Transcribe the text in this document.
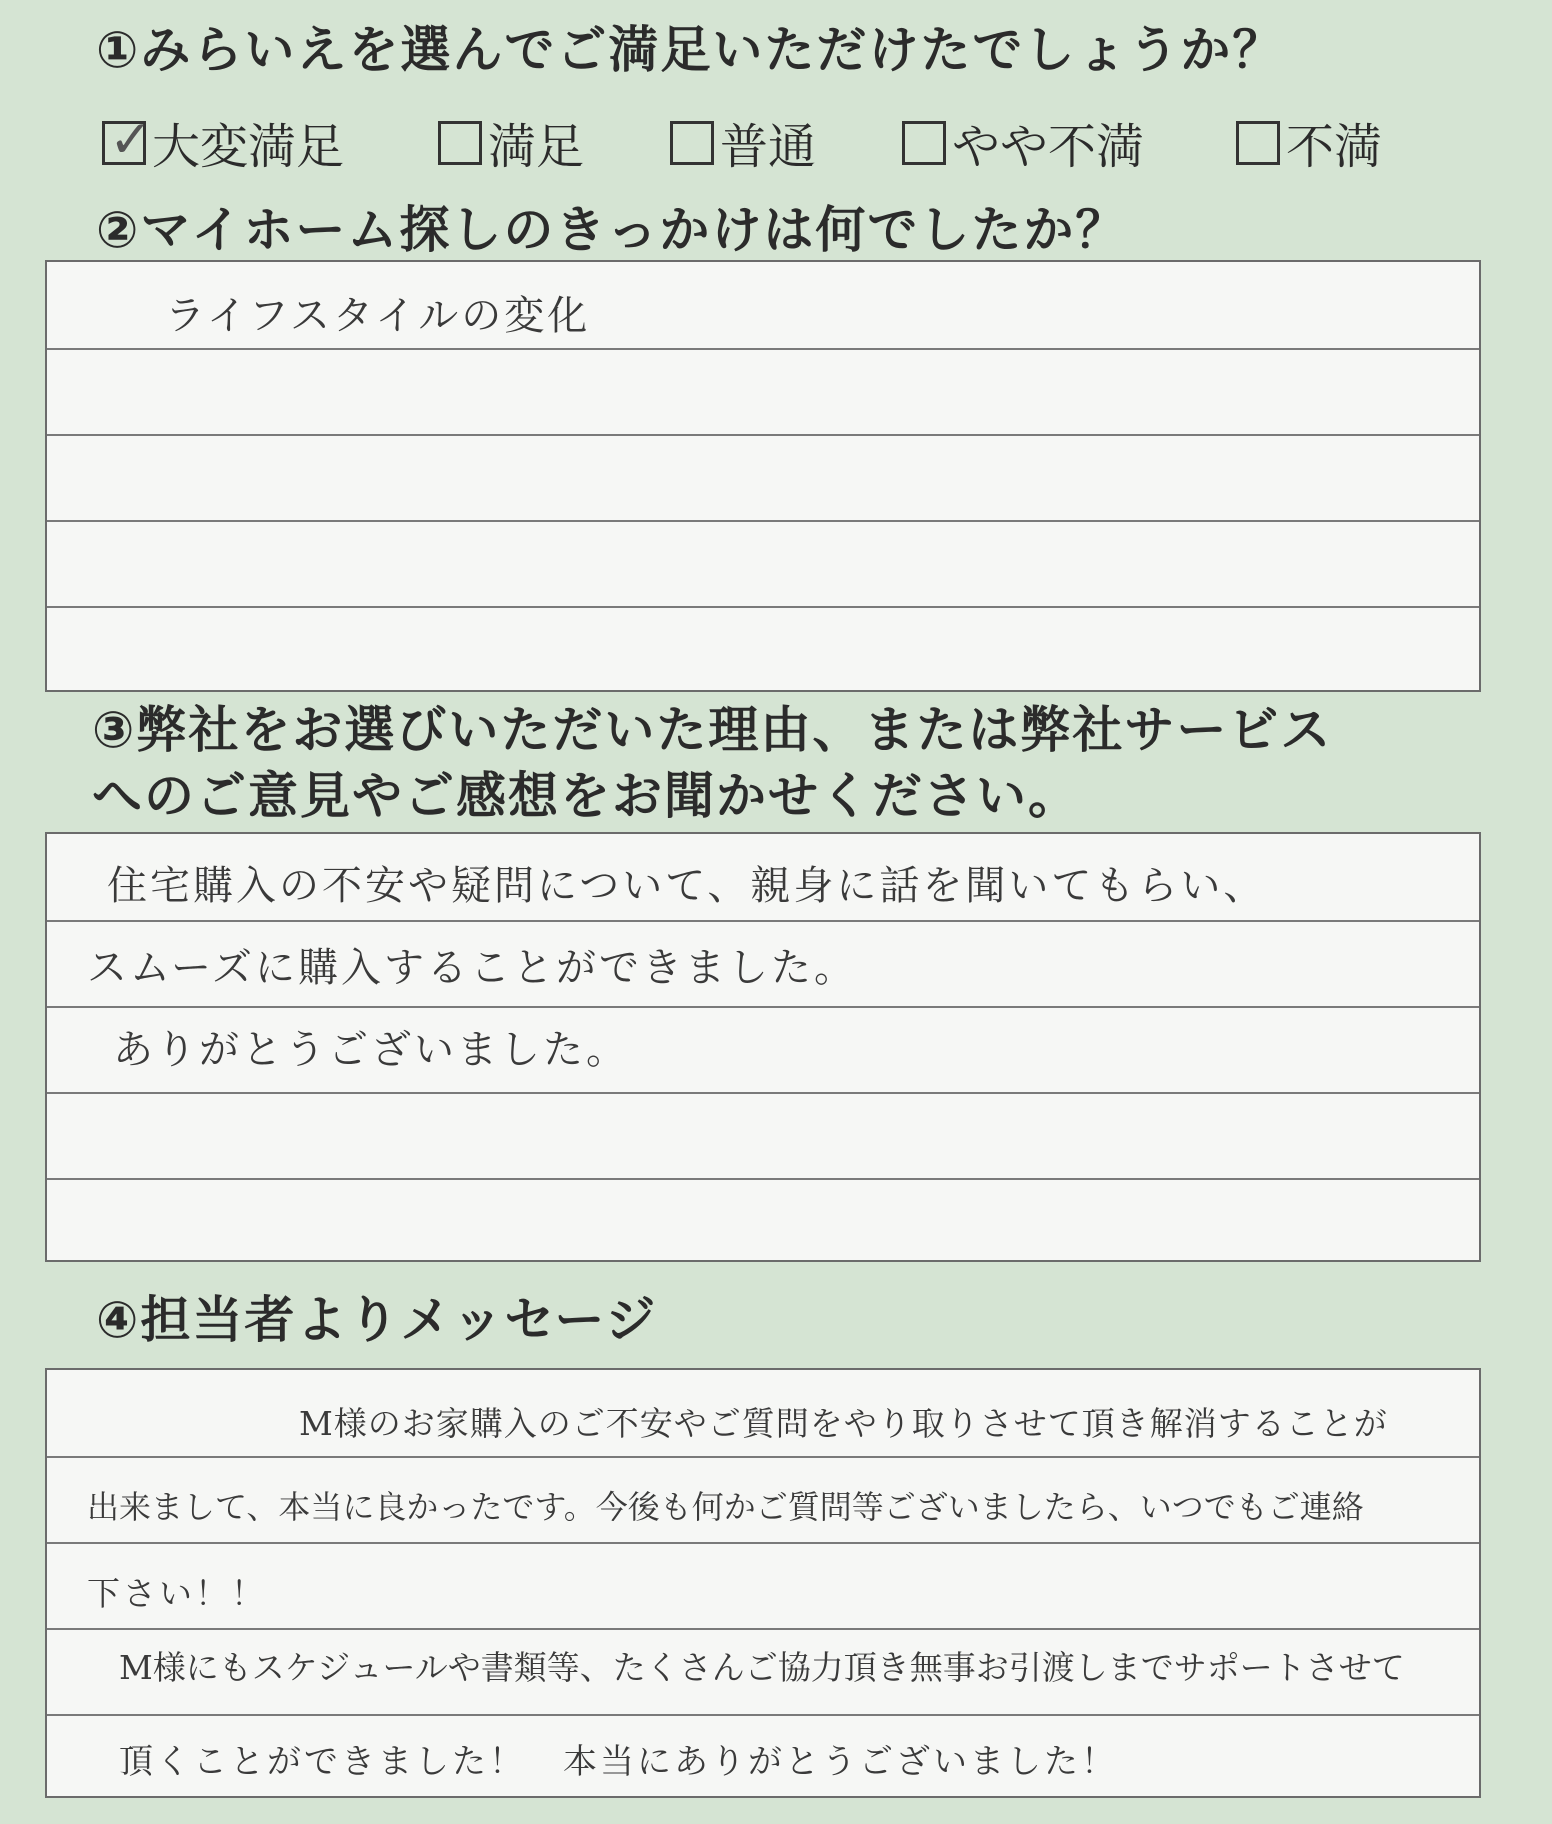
①みらいえを選んでご満足いただけたでしょうか？
✓ 大変満足	満足	普通	やや不満	不満
②マイホーム探しのきっかけは何でしたか？
ライフスタイルの変化
③弊社をお選びいただいた理由、または弊社サービス
へのご意見やご感想をお聞かせください。
住宅購入の不安や疑問について、親身に話を聞いてもらい、
スムーズに購入することができました。
ありがとうございました。
④担当者よりメッセージ
M様のお家購入のご不安やご質問をやり取りさせて頂き解消することが
出来まして、本当に良かったです。今後も何かご質問等ございましたら、いつでもご連絡
下さい！！
M様にもスケジュールや書類等、たくさんご協力頂き無事お引渡しまでサポートさせて
頂くことができました！　本当にありがとうございました！
